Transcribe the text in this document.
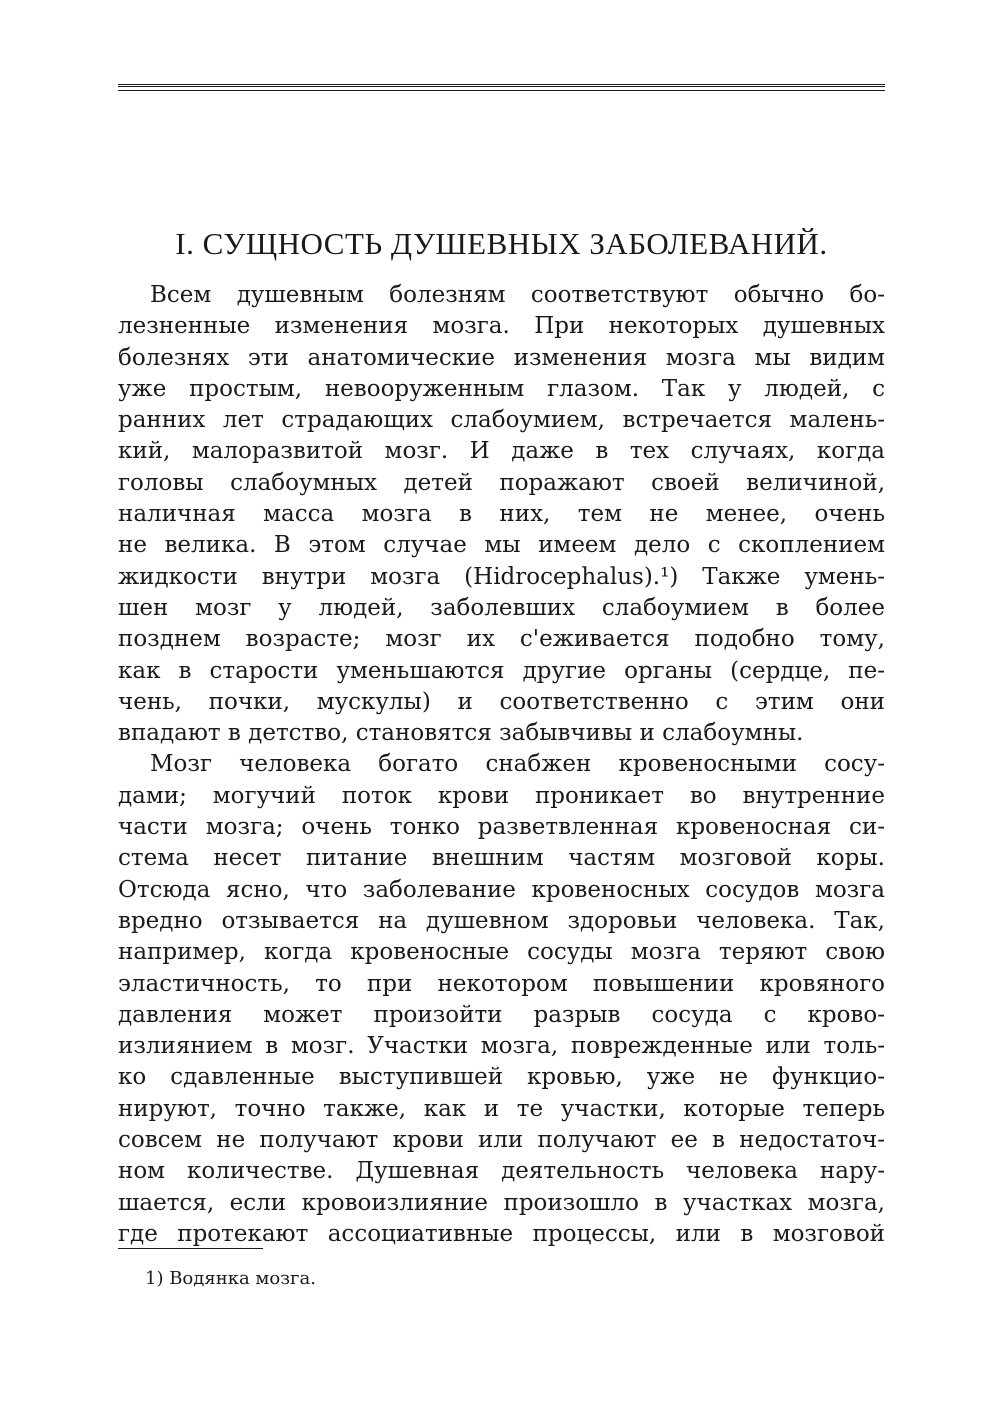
I. СУЩНОСТЬ ДУШЕВНЫХ ЗАБОЛЕВАНИЙ.
Всем душевным болезням соответствуют обычно бо-
лезненные изменения мозга. При некоторых душевных
болезнях эти анатомические изменения мозга мы видим
уже простым, невооруженным глазом. Так у людей, с
ранних лет страдающих слабоумием, встречается малень-
кий, малоразвитой мозг. И даже в тех случаях, когда
головы слабоумных детей поражают своей величиной,
наличная масса мозга в них, тем не менее, очень
не велика. В этом случае мы имеем дело с скоплением
жидкости внутри мозга (Hidrocephalus).¹) Также умень-
шен мозг у людей, заболевших слабоумием в более
позднем возрасте; мозг их с'еживается подобно тому,
как в старости уменьшаются другие органы (сердце, пе-
чень, почки, мускулы) и соответственно с этим они
впадают в детство, становятся забывчивы и слабоумны.
Мозг человека богато снабжен кровеносными сосу-
дами; могучий поток крови проникает во внутренние
части мозга; очень тонко разветвленная кровеносная си-
стема несет питание внешним частям мозговой коры.
Отсюда ясно, что заболевание кровеносных сосудов мозга
вредно отзывается на душевном здоровьи человека. Так,
например, когда кровеносные сосуды мозга теряют свою
эластичность, то при некотором повышении кровяного
давления может произойти разрыв сосуда с крово-
излиянием в мозг. Участки мозга, поврежденные или толь-
ко сдавленные выступившей кровью, уже не функцио-
нируют, точно также, как и те участки, которые теперь
совсем не получают крови или получают ее в недостаточ-
ном количестве. Душевная деятельность человека нару-
шается, если кровоизлияние произошло в участках мозга,
где протекают ассоциативные процессы, или в мозговой

1) Водянка мозга.
